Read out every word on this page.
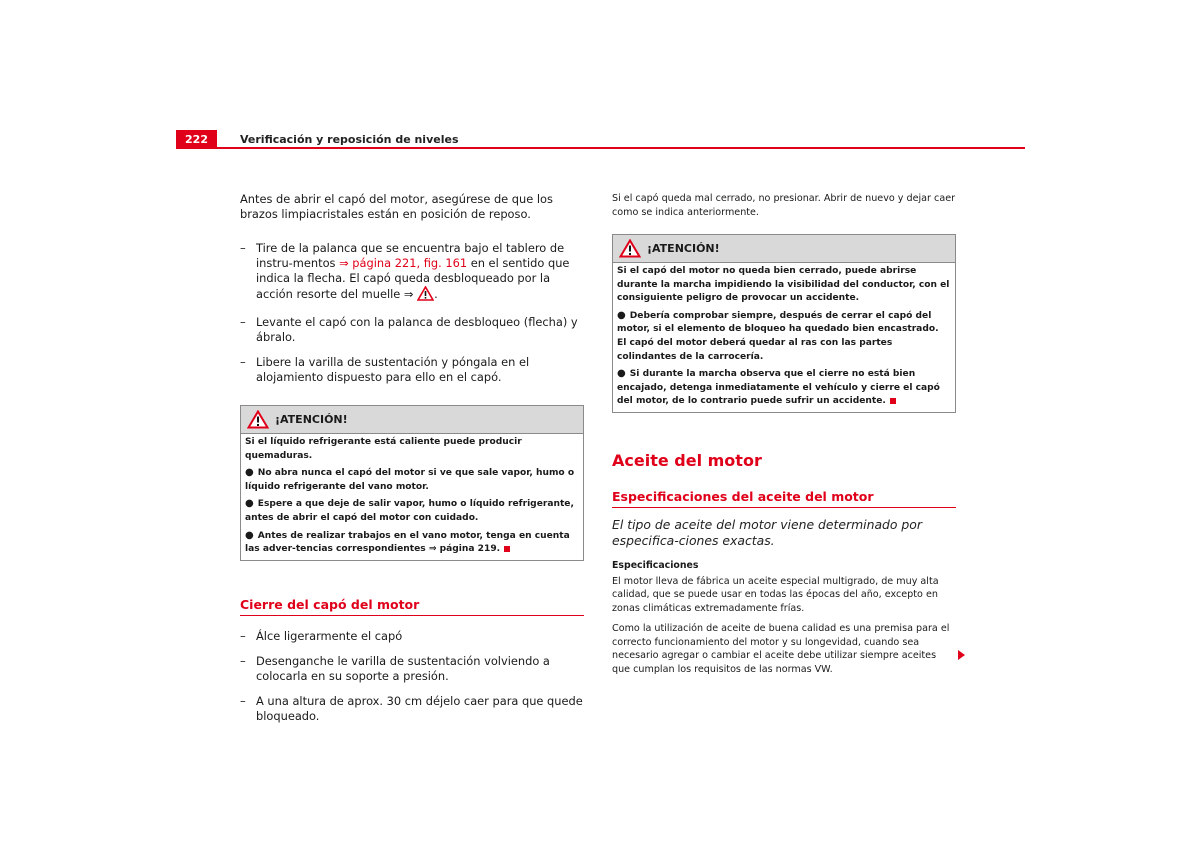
222	Verificación y reposición de niveles

Antes de abrir el capó del motor, asegúrese de que los brazos limpiacristales están en posición de reposo.

– Tire de la palanca que se encuentra bajo el tablero de instru-mentos ⇒ página 221, fig. 161 en el sentido que indica la flecha. El capó queda desbloqueado por la acción resorte del muelle ⇒ .
– Levante el capó con la palanca de desbloqueo (flecha) y ábralo.
– Libere la varilla de sustentación y póngala en el alojamiento dispuesto para ello en el capó.
¡ATENCIÓN!

Si el líquido refrigerante está caliente puede producir quemaduras.

● No abra nunca el capó del motor si ve que sale vapor, humo o líquido refrigerante del vano motor.

● Espere a que deje de salir vapor, humo o líquido refrigerante, antes de abrir el capó del motor con cuidado.

● Antes de realizar trabajos en el vano motor, tenga en cuenta las adver-tencias correspondientes ⇒ página 219.

Cierre del capó del motor
– Álce ligerarmente el capó
– Desenganche le varilla de sustentación volviendo a colocarla en su soporte a presión.
– A una altura de aprox. 30 cm déjelo caer para que quede bloqueado.

Si el capó queda mal cerrado, no presionar. Abrir de nuevo y dejar caer como se indica anteriormente.

¡ATENCIÓN!

Si el capó del motor no queda bien cerrado, puede abrirse durante la marcha impidiendo la visibilidad del conductor, con el consiguiente peligro de provocar un accidente.

● Debería comprobar siempre, después de cerrar el capó del motor, si el elemento de bloqueo ha quedado bien encastrado. El capó del motor deberá quedar al ras con las partes colindantes de la carrocería.

● Si durante la marcha observa que el cierre no está bien encajado, detenga inmediatamente el vehículo y cierre el capó del motor, de lo contrario puede sufrir un accidente.

Aceite del motor
Especificaciones del aceite del motor

El tipo de aceite del motor viene determinado por especifica-ciones exactas.

Especificaciones

El motor lleva de fábrica un aceite especial multigrado, de muy alta calidad, que se puede usar en todas las épocas del año, excepto en zonas climáticas extremadamente frías.

Como la utilización de aceite de buena calidad es una premisa para el correcto funcionamiento del motor y su longevidad, cuando sea necesario agregar o cambiar el aceite debe utilizar siempre aceites que cumplan los requisitos de las normas VW.
